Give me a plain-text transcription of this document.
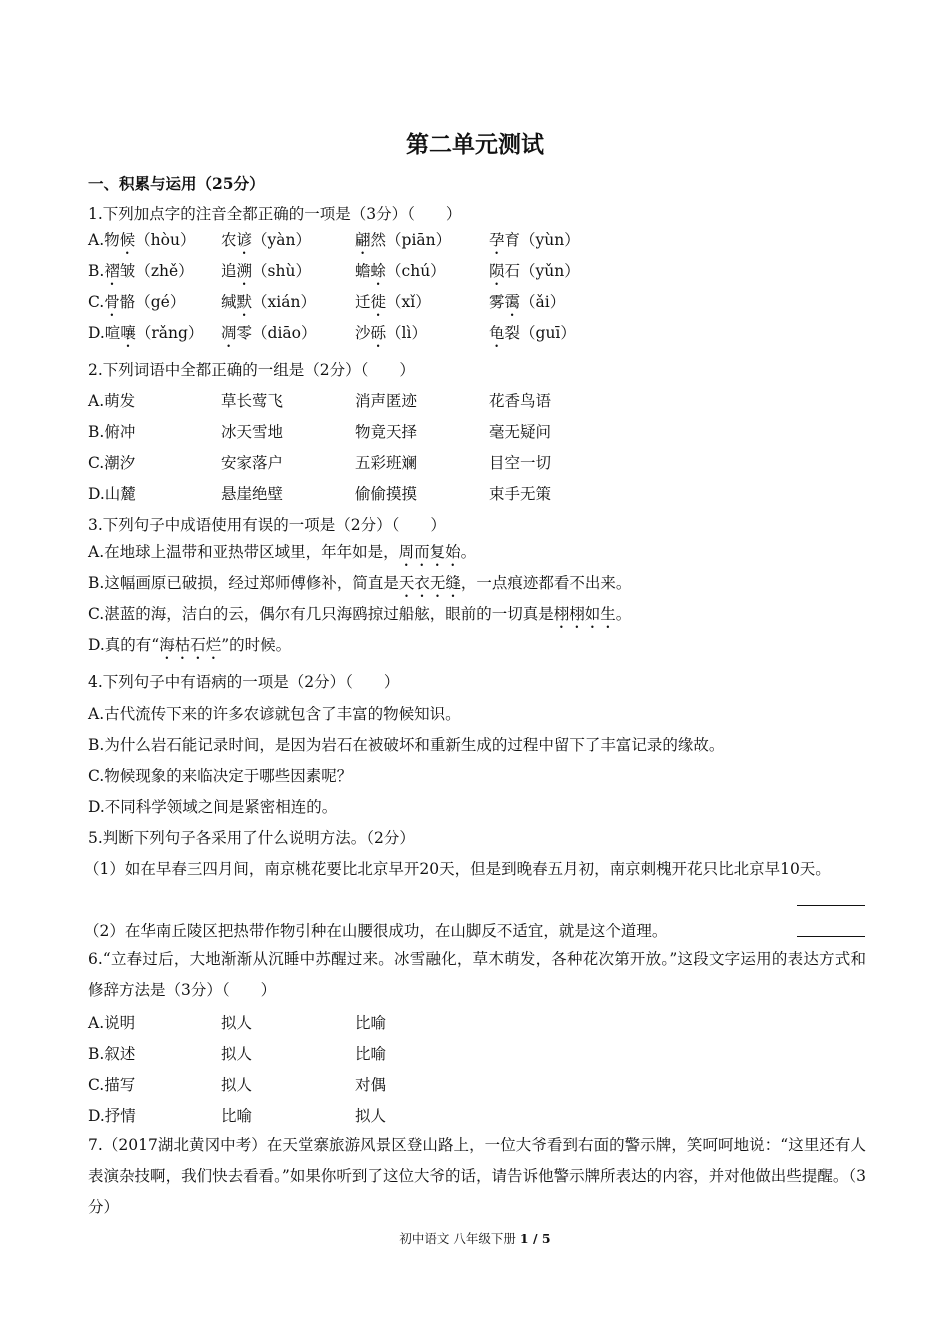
第二单元测试
一、积累与运用（25分）
1.下列加点字的注音全都正确的一项是（3分）（　　）
A.物候（hòu） 农谚（yàn）	翩然（piān） 孕育（yùn）
B.褶皱（zhě） 追溯（shù）	蟾蜍（chú）	陨石（yǔn）
C.骨骼（gé） 缄默（xián）	迁徙（xǐ）	雾霭（ǎi）
D.喧嚷（rǎng） 凋零（diāo） 沙砾（lì）	龟裂（guī）
2.下列词语中全都正确的一组是（2分）（　　）
A.萌发	草长莺飞	消声匿迹	花香鸟语
B.俯冲	冰天雪地	物竟天择	毫无疑问
C.潮汐	安家落户	五彩班斓	目空一切
D.山麓	悬崖绝壁	偷偷摸摸	束手无策
3.下列句子中成语使用有误的一项是（2分）（　　）
A.在地球上温带和亚热带区域里，年年如是，周而复始。
B.这幅画原已破损，经过郑师傅修补，简直是天衣无缝，一点痕迹都看不出来。
C.湛蓝的海，洁白的云，偶尔有几只海鸥掠过船舷，眼前的一切真是栩栩如生。
D.真的有“海枯石烂”的时候。
4.下列句子中有语病的一项是（2分）（　　）
A.古代流传下来的许多农谚就包含了丰富的物候知识。
B.为什么岩石能记录时间，是因为岩石在被破坏和重新生成的过程中留下了丰富记录的缘故。
C.物候现象的来临决定于哪些因素呢？
D.不同科学领域之间是紧密相连的。
5.判断下列句子各采用了什么说明方法。（2分）
（1）如在早春三四月间，南京桃花要比北京早开20天，但是到晚春五月初，南京刺槐开花只比北京早10天。
（2）在华南丘陵区把热带作物引种在山腰很成功，在山脚反不适宜，就是这个道理。
6.“立春过后，大地渐渐从沉睡中苏醒过来。冰雪融化，草木萌发，各种花次第开放。”这段文字运用的表达方式和修辞方法是（3分）（　　）
A.说明	拟人	比喻
B.叙述	拟人	比喻
C.描写	拟人	对偶
D.抒情	比喻	拟人
7.（2017湖北黄冈中考）在天堂寨旅游风景区登山路上，一位大爷看到右面的警示牌，笑呵呵地说：“这里还有人表演杂技啊，我们快去看看。”如果你听到了这位大爷的话，请告诉他警示牌所表达的内容，并对他做出些提醒。（3分）
初中语文 八年级下册 1 / 5
